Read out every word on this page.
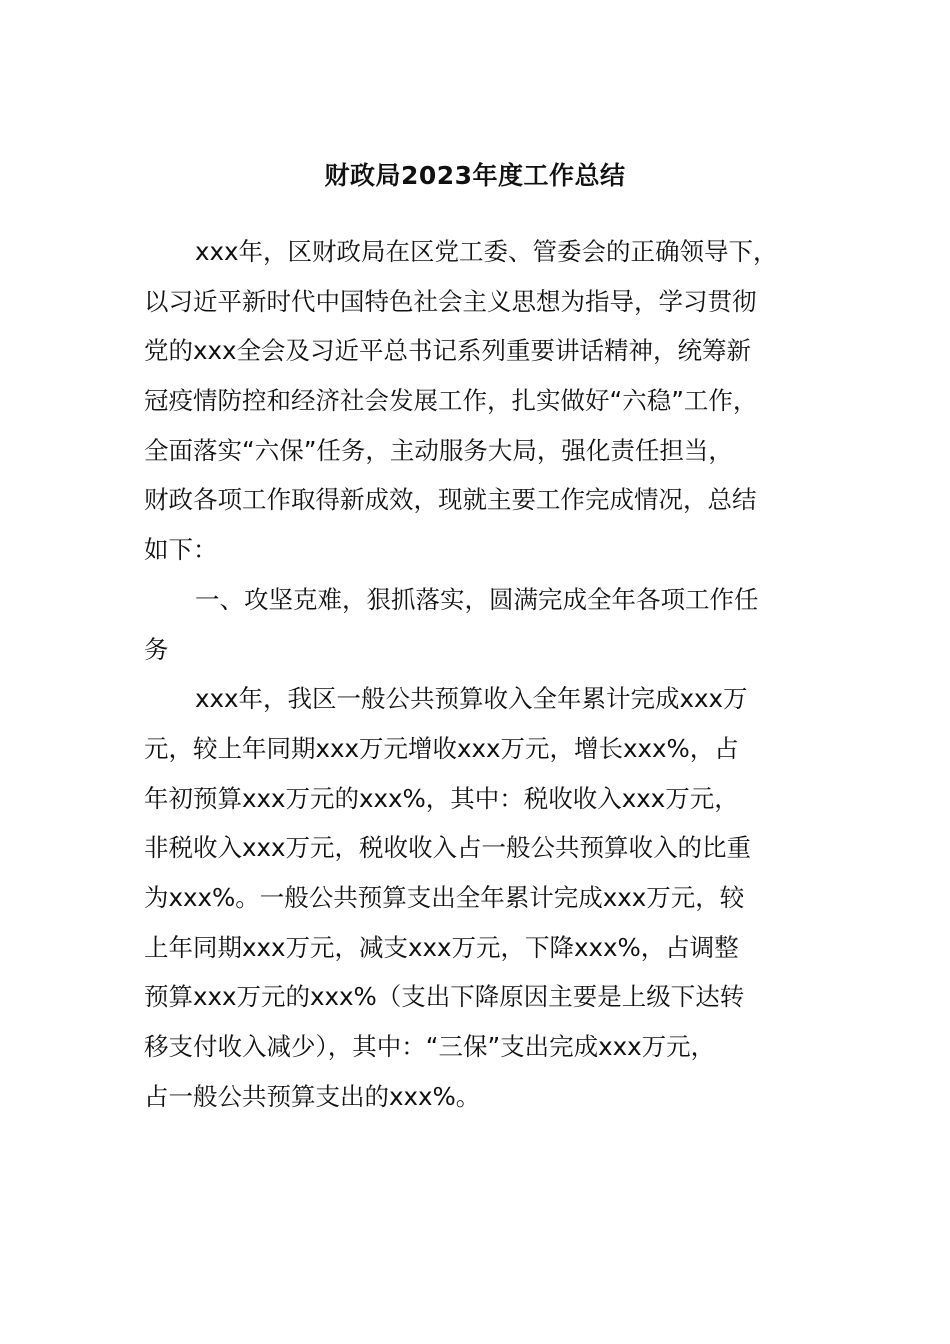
财政局2023年度工作总结
xxx年，区财政局在区党工委、管委会的正确领导下，
以习近平新时代中国特色社会主义思想为指导，学习贯彻
党的xxx全会及习近平总书记系列重要讲话精神，统筹新
冠疫情防控和经济社会发展工作，扎实做好“六稳”工作，
全面落实“六保”任务，主动服务大局，强化责任担当，
财政各项工作取得新成效，现就主要工作完成情况，总结
如下：
一、攻坚克难，狠抓落实，圆满完成全年各项工作任
务
xxx年，我区一般公共预算收入全年累计完成xxx万
元，较上年同期xxx万元增收xxx万元，增长xxx%，占
年初预算xxx万元的xxx%，其中：税收收入xxx万元，
非税收入xxx万元，税收收入占一般公共预算收入的比重
为xxx%。一般公共预算支出全年累计完成xxx万元，较
上年同期xxx万元，减支xxx万元，下降xxx%，占调整
预算xxx万元的xxx%（支出下降原因主要是上级下达转
移支付收入减少），其中：“三保”支出完成xxx万元，
占一般公共预算支出的xxx%。
